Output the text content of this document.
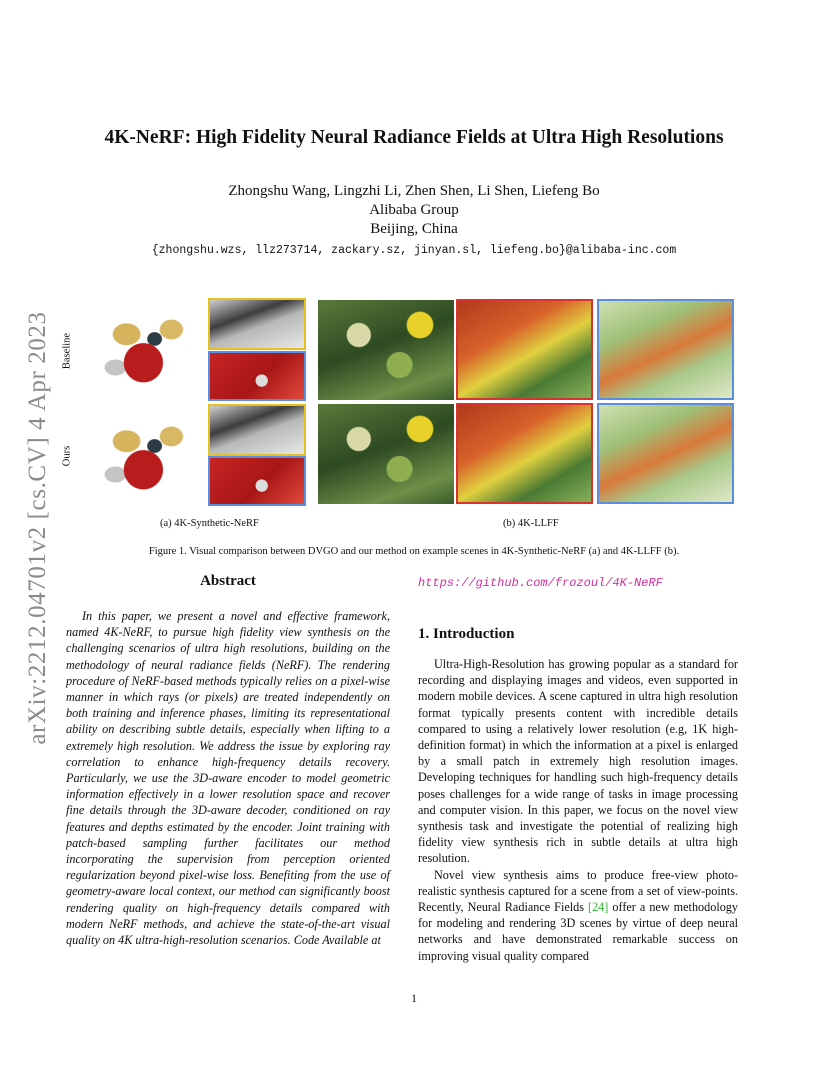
arXiv:2212.04701v2 [cs.CV] 4 Apr 2023
4K-NeRF: High Fidelity Neural Radiance Fields at Ultra High Resolutions
Zhongshu Wang, Lingzhi Li, Zhen Shen, Li Shen, Liefeng Bo
Alibaba Group
Beijing, China
{zhongshu.wzs, llz273714, zackary.sz, jinyan.sl, liefeng.bo}@alibaba-inc.com
Baseline
Ours
(a) 4K-Synthetic-NeRF	(b) 4K-LLFF
Figure 1. Visual comparison between DVGO and our method on example scenes in 4K-Synthetic-NeRF (a) and 4K-LLFF (b).
Abstract

In this paper, we present a novel and effective framework, named 4K-NeRF, to pursue high fidelity view synthesis on the challenging scenarios of ultra high resolutions, building on the methodology of neural radiance fields (NeRF). The rendering procedure of NeRF-based methods typically relies on a pixel-wise manner in which rays (or pixels) are treated independently on both training and inference phases, limiting its representational ability on describing subtle details, especially when lifting to a extremely high resolution. We address the issue by exploring ray correlation to enhance high-frequency details recovery. Particularly, we use the 3D-aware encoder to model geometric information effectively in a lower resolution space and recover fine details through the 3D-aware decoder, conditioned on ray features and depths estimated by the encoder. Joint training with patch-based sampling further facilitates our method incorporating the supervision from perception oriented regularization beyond pixel-wise loss. Benefiting from the use of geometry-aware local context, our method can significantly boost rendering quality on high-frequency details compared with modern NeRF methods, and achieve the state-of-the-art visual quality on 4K ultra-high-resolution scenarios. Code Available at

https://github.com/frozoul/4K-NeRF
1. Introduction

Ultra-High-Resolution has growing popular as a standard for recording and displaying images and videos, even supported in modern mobile devices. A scene captured in ultra high resolution format typically presents content with incredible details compared to using a relatively lower resolution (e.g, 1K high-definition format) in which the information at a pixel is enlarged by a small patch in extremely high resolution images. Developing techniques for handling such high-frequency details poses challenges for a wide range of tasks in image processing and computer vision. In this paper, we focus on the novel view synthesis task and investigate the potential of realizing high fidelity view synthesis rich in subtle details at ultra high resolution.

Novel view synthesis aims to produce free-view photo-realistic synthesis captured for a scene from a set of view-points. Recently, Neural Radiance Fields [24] offer a new methodology for modeling and rendering 3D scenes by virtue of deep neural networks and have demonstrated remarkable success on improving visual quality compared

1
